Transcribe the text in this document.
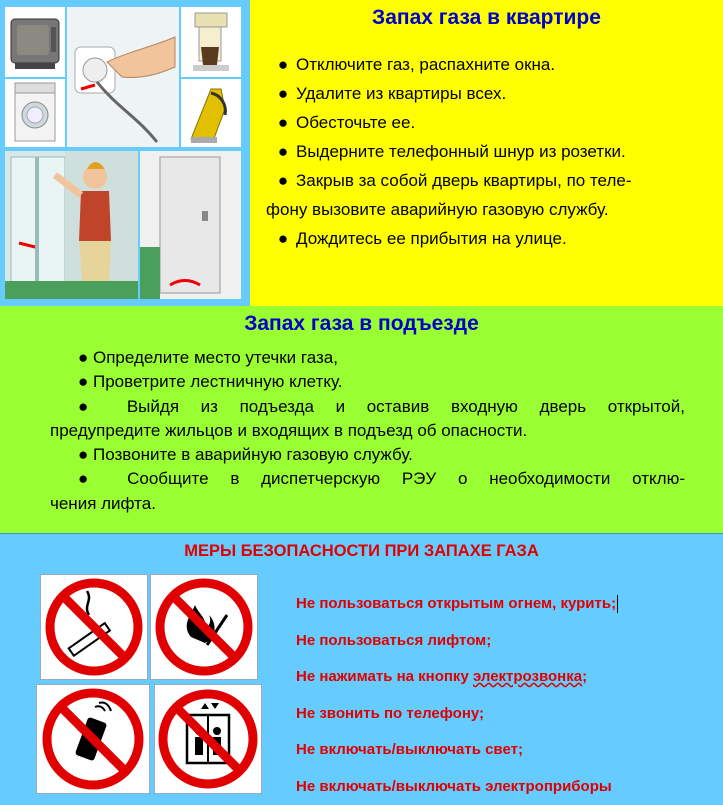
Запах газа в квартире
● Отключите газ, распахните окна.
● Удалите из квартиры всех.
● Обесточьте ее.
● Выдерните телефонный шнур из розетки.
● Закрыв за собой дверь квартиры, по теле-
фону вызовите аварийную газовую службу.
● Дождитесь ее прибытия на улице.
Запах газа в подъезде

● Определите место утечки газа,

● Проветрите лестничную клетку.

● Выйдя из подъезда и оставив входную дверь открытой,

предупредите жильцов и входящих в подъезд об опасности.

● Позвоните в аварийную газовую службу.

● Сообщите в диспетчерскую РЭУ о необходимости отклю-

чения лифта.

МЕРЫ БЕЗОПАСНОСТИ ПРИ ЗАПАХЕ ГАЗА
Не пользоваться открытым огнем, курить;
Не пользоваться лифтом;
Не нажимать на кнопку электрозвонка;
Не звонить по телефону;
Не включать/выключать свет;
Не включать/выключать электроприборы
